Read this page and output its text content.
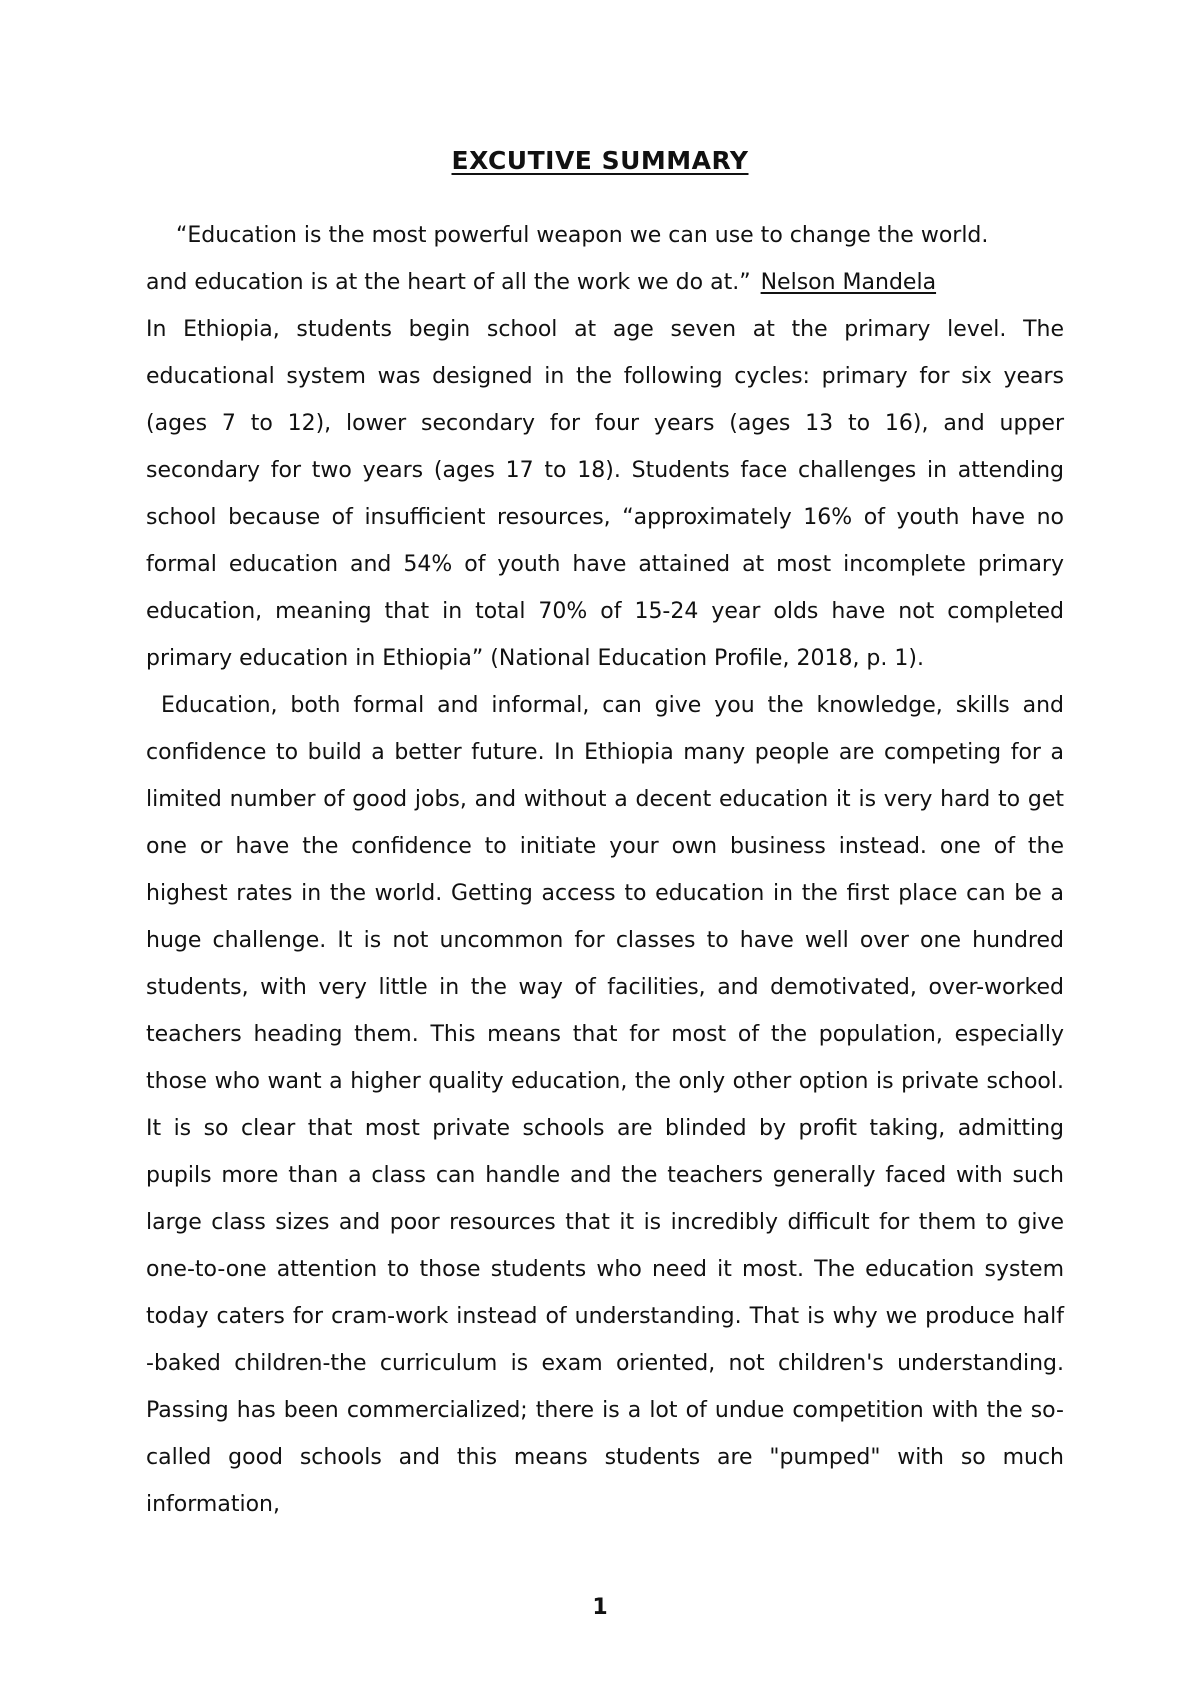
EXCUTIVE SUMMARY

“Education is the most powerful weapon we can use to change the world.
and education is at the heart of all the work we do at.” Nelson Mandela

In Ethiopia, students begin school at age seven at the primary level. The educational system was designed in the following cycles: primary for six years (ages 7 to 12), lower secondary for four years (ages 13 to 16), and upper secondary for two years (ages 17 to 18). Students face challenges in attending school because of insufficient resources, “approximately 16% of youth have no formal education and 54% of youth have attained at most incomplete primary education, meaning that in total 70% of 15-24 year olds have not completed primary education in Ethiopia” (National Education Profile, 2018, p. 1).

Education, both formal and informal, can give you the knowledge, skills and confidence to build a better future. In Ethiopia many people are competing for a limited number of good jobs, and without a decent education it is very hard to get one or have the confidence to initiate your own business instead. one of the highest rates in the world. Getting access to education in the first place can be a huge challenge. It is not uncommon for classes to have well over one hundred students, with very little in the way of facilities, and demotivated, over-worked teachers heading them. This means that for most of the population, especially those who want a higher quality education, the only other option is private school. It is so clear that most private schools are blinded by profit taking, admitting pupils more than a class can handle and the teachers generally faced with such large class sizes and poor resources that it is incredibly difficult for them to give one-to-one attention to those students who need it most. The education system today caters for cram-work instead of understanding. That is why we produce half -baked children-the curriculum is exam oriented, not children's understanding. Passing has been commercialized; there is a lot of undue competition with the so-called good schools and this means students are "pumped" with so much information,

1
